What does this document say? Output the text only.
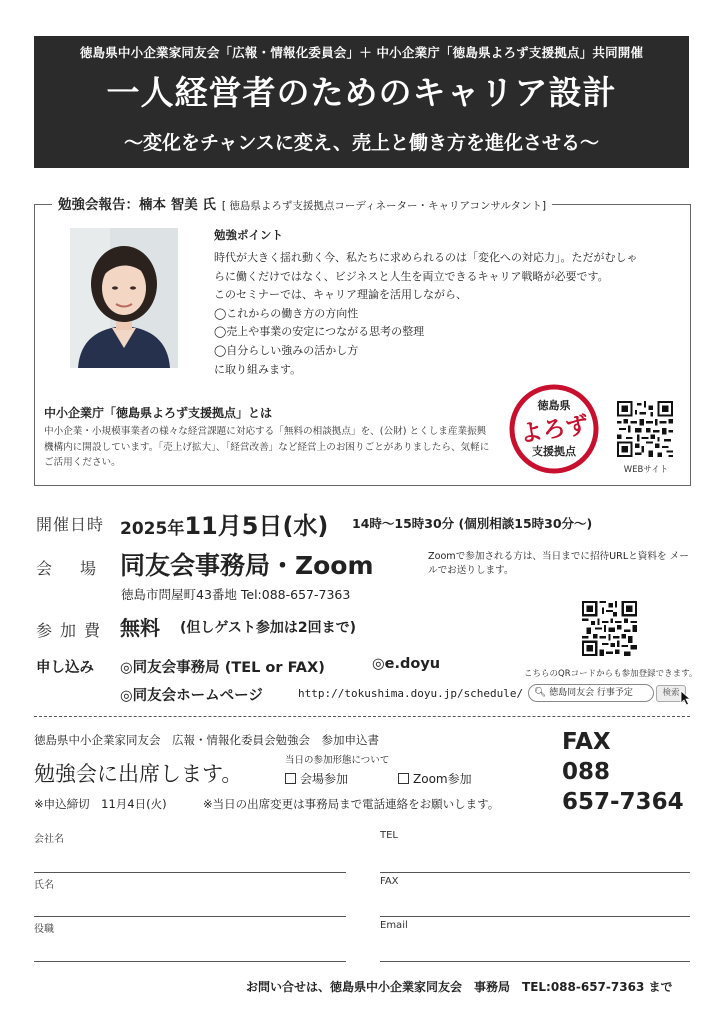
徳島県中小企業家同友会「広報・情報化委員会」＋ 中小企業庁「徳島県よろず支援拠点」共同開催
一人経営者のためのキャリア設計
〜変化をチャンスに変え、売上と働き方を進化させる〜
勉強会報告：楠本 智美 氏 [ 徳島県よろず支援拠点コーディネーター・キャリアコンサルタント]
勉強ポイント
時代が大きく揺れ動く今、私たちに求められるのは「変化への対応力」。ただがむしゃ
らに働くだけではなく、ビジネスと人生を両立できるキャリア戦略が必要です。
このセミナーでは、キャリア理論を活用しながら、
◯これからの働き方の方向性
◯売上や事業の安定につながる思考の整理
◯自分らしい強みの活かし方
に取り組みます。
中小企業庁「徳島県よろず支援拠点」とは
中小企業・小規模事業者の様々な経営課題に対応する「無料の相談拠点」を、(公財) とくしま産業振興
機構内に開設しています。「売上げ拡大」、「経営改善」など経営上のお困りごとがありましたら、気軽に
ご活用ください。
徳島県
よろず
支援拠点
WEBサイト
開催日時 2025年11月5日(水) 14時〜15時30分 (個別相談15時30分〜)
会場
同友会事務局・Zoom	Zoomで参加される方は、当日までに招待URLと資料を メールでお送りします。
徳島市問屋町43番地 Tel:088-657-7363
参加費 無料 (但しゲスト参加は2回まで)
こちらのQRコードからも参加登録できます。
申し込み ◎同友会事務局 (TEL or FAX)	◎e.doyu
◎同友会ホームページ	http://tokushima.doyu.jp/schedule/	🔍︎ 徳島同友会 行事予定	検索
徳島県中小企業家同友会　広報・情報化委員会勉強会　参加申込書
勉強会に出席します。
当日の参加形態について
会場参加	Zoom参加
FAX
088
657-7364
※申込締切　11月4日(火)	※当日の出席変更は事務局まで電話連絡をお願いします。
会社名	TEL
氏名	FAX
役職	Email
お問い合せは、徳島県中小企業家同友会　事務局　TEL:088-657-7363 まで
